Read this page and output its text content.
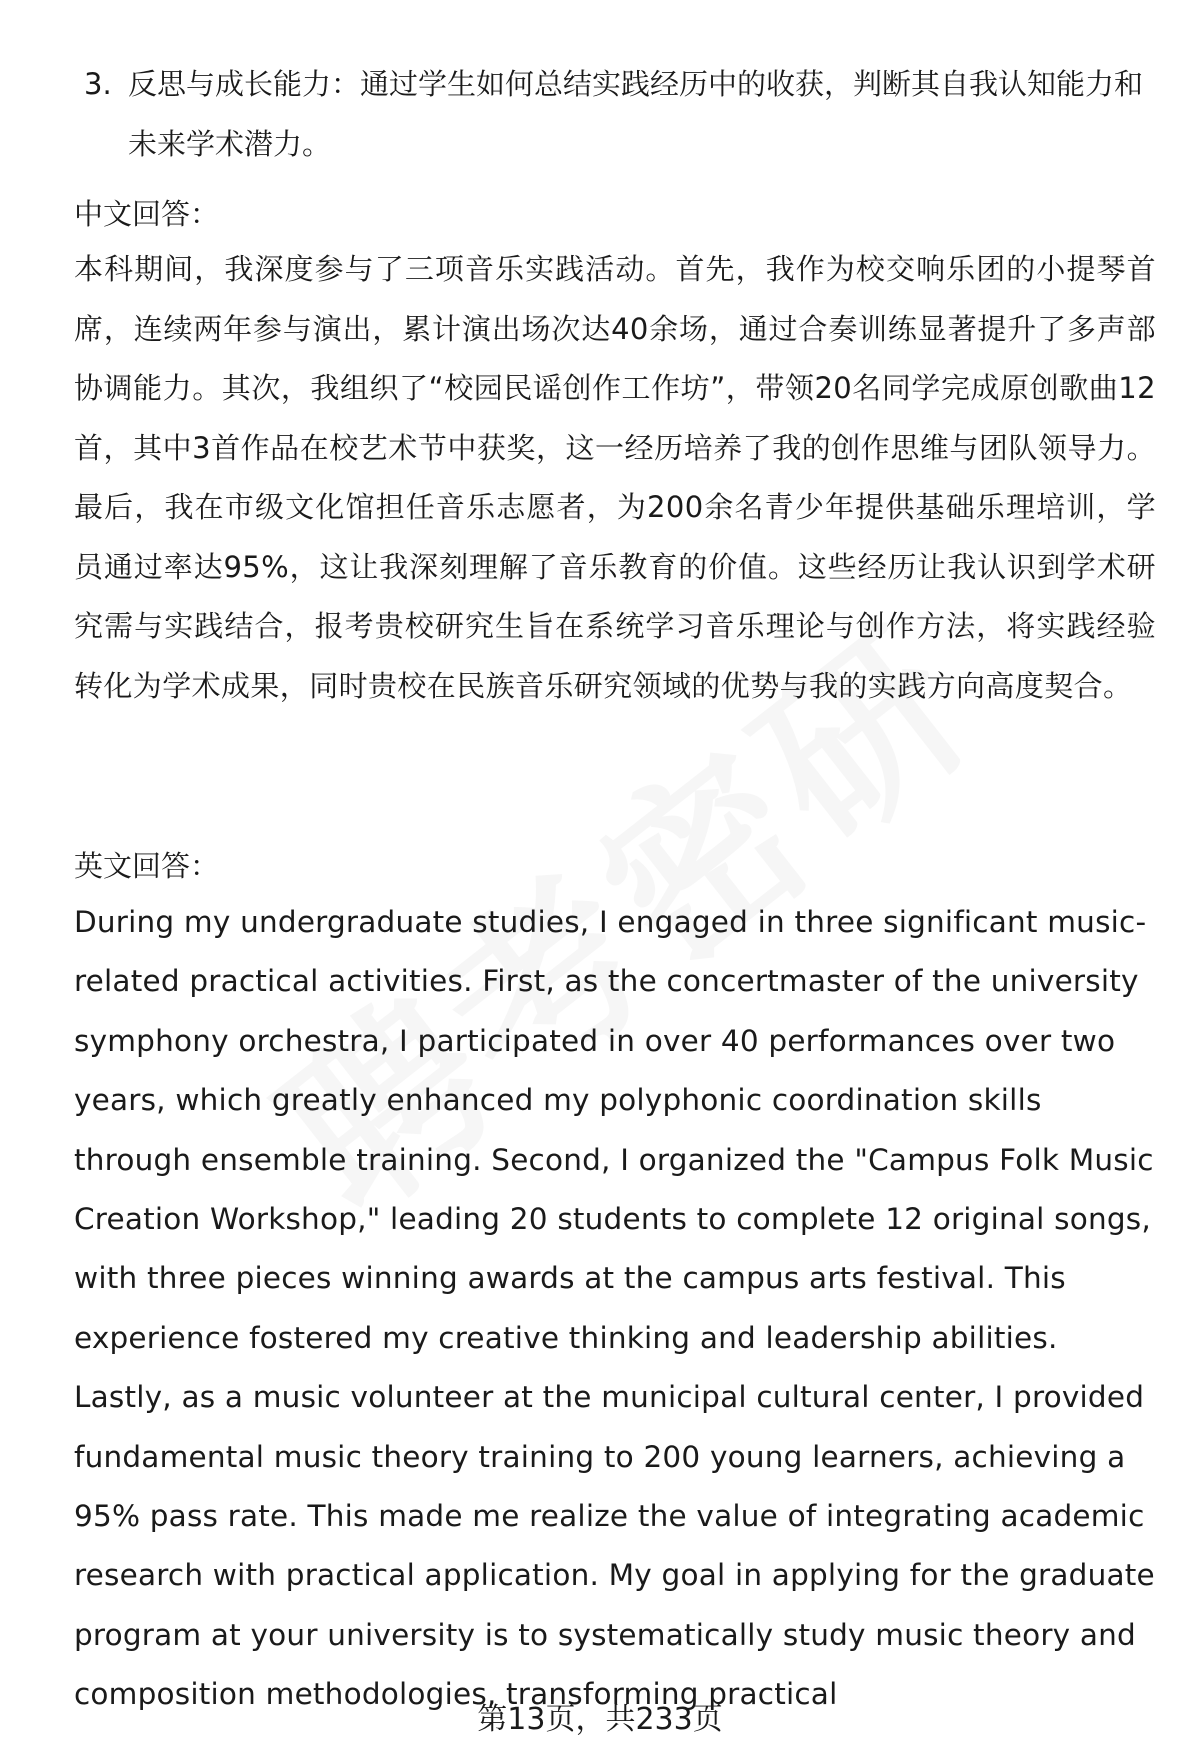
3. 反思与成长能力：通过学生如何总结实践经历中的收获，判断其自我认知能力和未来学术潜力。
中文回答：
本科期间，我深度参与了三项音乐实践活动。首先，我作为校交响乐团的小提琴首席，连续两年参与演出，累计演出场次达40余场，通过合奏训练显著提升了多声部协调能力。其次，我组织了“校园民谣创作工作坊”，带领20名同学完成原创歌曲12首，其中3首作品在校艺术节中获奖，这一经历培养了我的创作思维与团队领导力。最后，我在市级文化馆担任音乐志愿者，为200余名青少年提供基础乐理培训，学员通过率达95%，这让我深刻理解了音乐教育的价值。这些经历让我认识到学术研究需与实践结合，报考贵校研究生旨在系统学习音乐理论与创作方法，将实践经验转化为学术成果，同时贵校在民族音乐研究领域的优势与我的实践方向高度契合。
英文回答：
During my undergraduate studies, I engaged in three significant music-related practical activities. First, as the concertmaster of the university symphony orchestra, I participated in over 40 performances over two years, which greatly enhanced my polyphonic coordination skills through ensemble training. Second, I organized the "Campus Folk Music Creation Workshop," leading 20 students to complete 12 original songs, with three pieces winning awards at the campus arts festival. This experience fostered my creative thinking and leadership abilities. Lastly, as a music volunteer at the municipal cultural center, I provided fundamental music theory training to 200 young learners, achieving a 95% pass rate. This made me realize the value of integrating academic research with practical application. My goal in applying for the graduate program at your university is to systematically study music theory and composition methodologies, transforming practical
第13页，共233页
